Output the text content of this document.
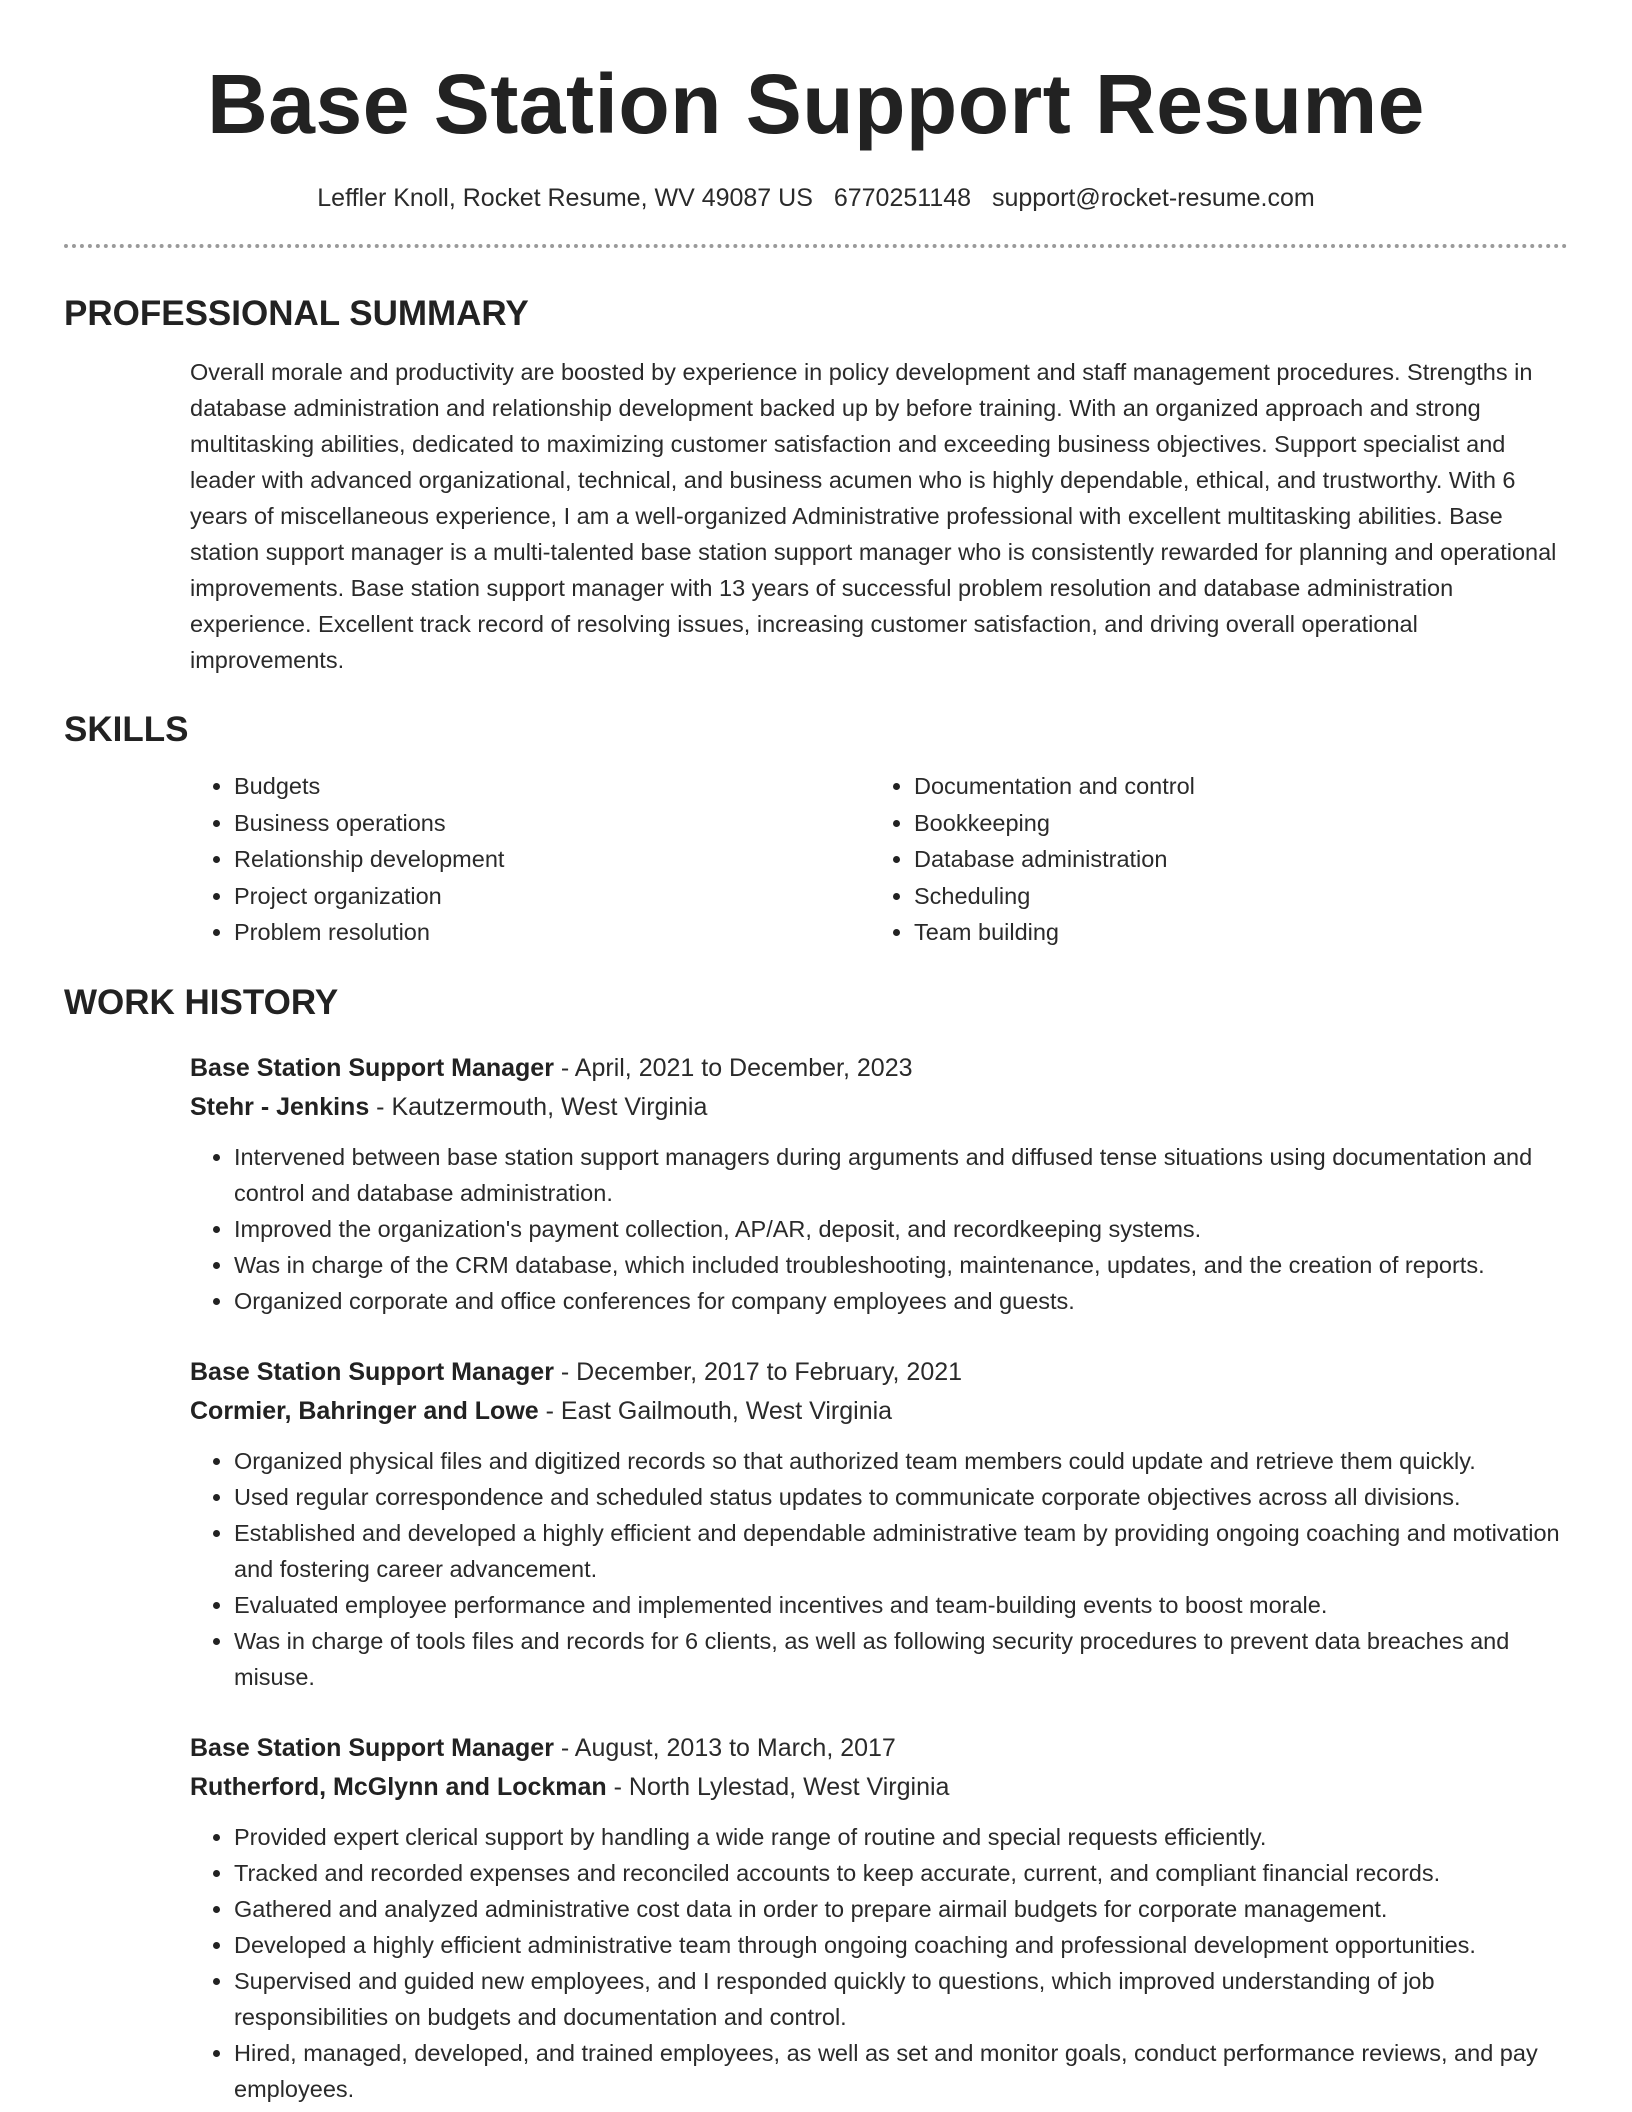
Base Station Support Resume
Leffler Knoll, Rocket Resume, WV 49087 US 6770251148 support@rocket-resume.com
PROFESSIONAL SUMMARY

Overall morale and productivity are boosted by experience in policy development and staff management procedures. Strengths in database administration and relationship development backed up by before training. With an organized approach and strong multitasking abilities, dedicated to maximizing customer satisfaction and exceeding business objectives. Support specialist and leader with advanced organizational, technical, and business acumen who is highly dependable, ethical, and trustworthy. With 6 years of miscellaneous experience, I am a well-organized Administrative professional with excellent multitasking abilities. Base station support manager is a multi-talented base station support manager who is consistently rewarded for planning and operational improvements. Base station support manager with 13 years of successful problem resolution and database administration experience. Excellent track record of resolving issues, increasing customer satisfaction, and driving overall operational improvements.

SKILLS
• Budgets
• Business operations
• Relationship development
• Project organization
• Problem resolution
• Documentation and control
• Bookkeeping
• Database administration
• Scheduling
• Team building
WORK HISTORY
Base Station Support Manager - April, 2021 to December, 2023
Stehr - Jenkins - Kautzermouth, West Virginia
• Intervened between base station support managers during arguments and diffused tense situations using documentation and control and database administration.
• Improved the organization's payment collection, AP/AR, deposit, and recordkeeping systems.
• Was in charge of the CRM database, which included troubleshooting, maintenance, updates, and the creation of reports.
• Organized corporate and office conferences for company employees and guests.
Base Station Support Manager - December, 2017 to February, 2021
Cormier, Bahringer and Lowe - East Gailmouth, West Virginia
• Organized physical files and digitized records so that authorized team members could update and retrieve them quickly.
• Used regular correspondence and scheduled status updates to communicate corporate objectives across all divisions.
• Established and developed a highly efficient and dependable administrative team by providing ongoing coaching and motivation and fostering career advancement.
• Evaluated employee performance and implemented incentives and team-building events to boost morale.
• Was in charge of tools files and records for 6 clients, as well as following security procedures to prevent data breaches and misuse.
Base Station Support Manager - August, 2013 to March, 2017
Rutherford, McGlynn and Lockman - North Lylestad, West Virginia
• Provided expert clerical support by handling a wide range of routine and special requests efficiently.
• Tracked and recorded expenses and reconciled accounts to keep accurate, current, and compliant financial records.
• Gathered and analyzed administrative cost data in order to prepare airmail budgets for corporate management.
• Developed a highly efficient administrative team through ongoing coaching and professional development opportunities.
• Supervised and guided new employees, and I responded quickly to questions, which improved understanding of job responsibilities on budgets and documentation and control.
• Hired, managed, developed, and trained employees, as well as set and monitor goals, conduct performance reviews, and pay employees.
